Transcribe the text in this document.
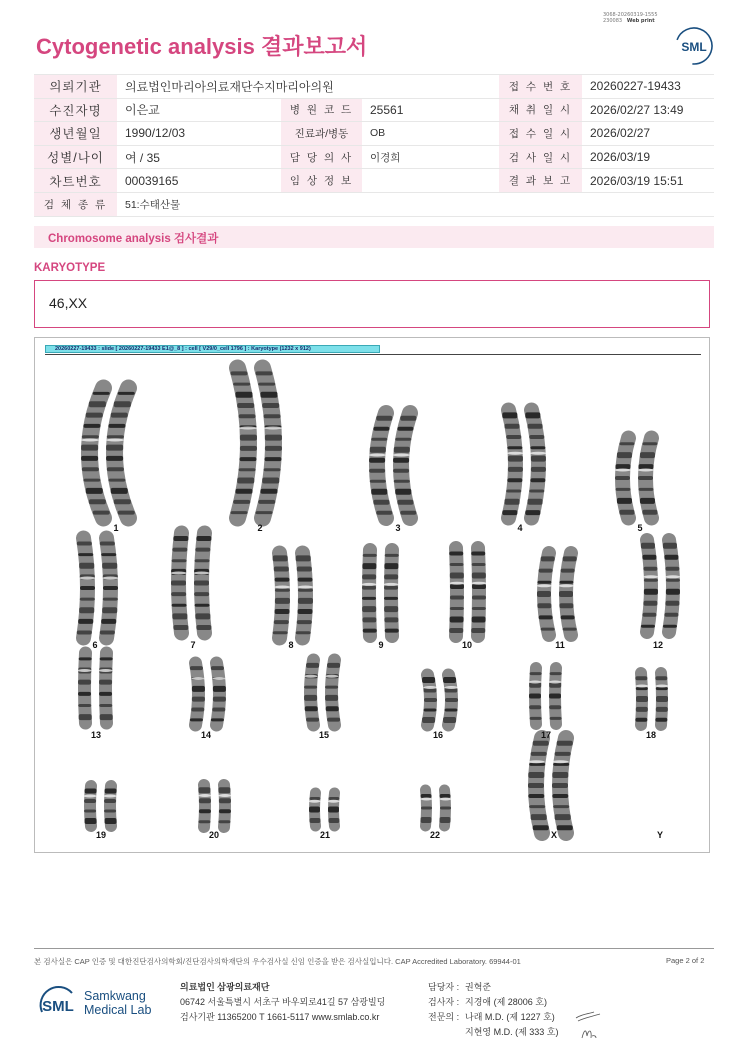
3068-20260319-1555
230083 Web print
Cytogenetic analysis 결과보고서	SML
의뢰기관	의료법인마리아의료재단수지마리아의원			접 수 번 호	20260227-19433
수진자명	이은교	병 원 코 드	25561	채 취 일 시	2026/02/27 13:49
생년월일	1990/12/03	진료과/병동	OB	접 수 일 시	2026/02/27
성별/나이	여 / 35	담 당 의 사	이경희	검 사 일 시	2026/03/19
차트번호	00039165	임 상 정 보		결 과 보 고	2026/03/19 15:51
검 체 종 류	51:수태산물				
Chromosome analysis 검사결과
KARYOTYPE
46,XX
1	2	3	4	5
6	7	8	9	10	11	12
13	14	15	16	17	18
19	20	21	22	X	Y
20260227-19433 : slide [ 20260227-19433 E1@_8 ] : cell [ V29/0_cell 1796 ] : Karyotype (1232 x 912)
본 검사실은 CAP 인증 및 대한진단검사의학회/진단검사의학재단의 우수검사실 신임 인증을 받은 검사실입니다. CAP Accredited Laboratory. 69944-01	Page 2 of 2
SML
Samkwang
Medical Lab
의료법인 삼광의료재단
06742 서울특별시 서초구 바우뫼로41길 57 삼광빌딩
검사기관 11365200 T 1661-5117 www.smlab.co.kr
담당자 : 권혁준
검사자 : 지경애 (제 28006 호)
전문의 : 나래 M.D. (제 1227 호)
지현영 M.D. (제 333 호)
